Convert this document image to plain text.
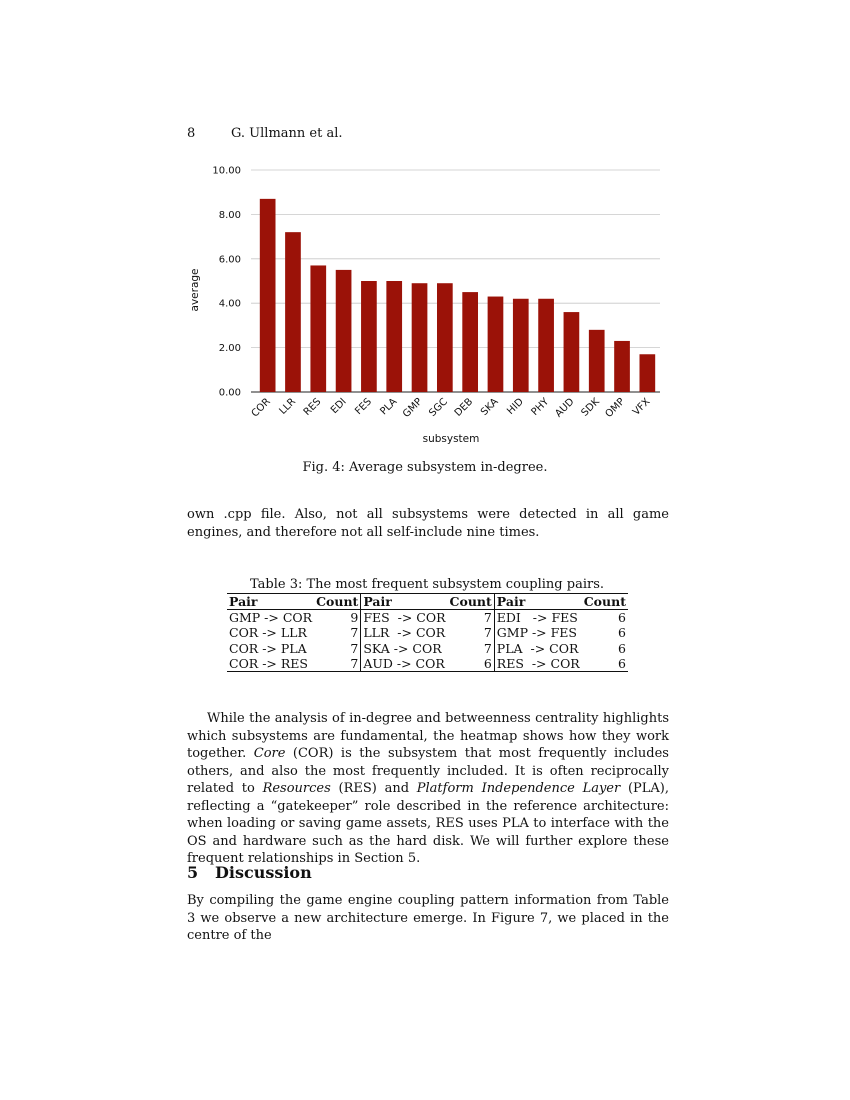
8	G. Ullmann et al.
0.00
2.00
4.00
6.00
8.00
10.00
COR LLR RES EDI FES PLA GMP SGC DEB SKA HID PHY AUD SDK OMP VFX
average
subsystem
Fig. 4: Average subsystem in-degree.

own .cpp file. Also, not all subsystems were detected in all game engines, and therefore not all self-include nine times.

Table 3: The most frequent subsystem coupling pairs.
Pair	Count	Pair	Count	Pair	Count
GMP -> COR	9	FES  -> COR	7	EDI   -> FES	6
COR -> LLR	7	LLR  -> COR	7	GMP -> FES	6
COR -> PLA	7	SKA -> COR	7	PLA  -> COR	6
COR -> RES	7	AUD -> COR	6	RES  -> COR	6

While the analysis of in-degree and betweenness centrality highlights which subsystems are fundamental, the heatmap shows how they work together. Core (COR) is the subsystem that most frequently includes others, and also the most frequently included. It is often reciprocally related to Resources (RES) and Platform Independence Layer (PLA), reflecting a “gatekeeper” role described in the reference architecture: when loading or saving game assets, RES uses PLA to interface with the OS and hardware such as the hard disk. We will further explore these frequent relationships in Section 5.

5 Discussion

By compiling the game engine coupling pattern information from Table 3 we observe a new architecture emerge. In Figure 7, we placed in the centre of the
